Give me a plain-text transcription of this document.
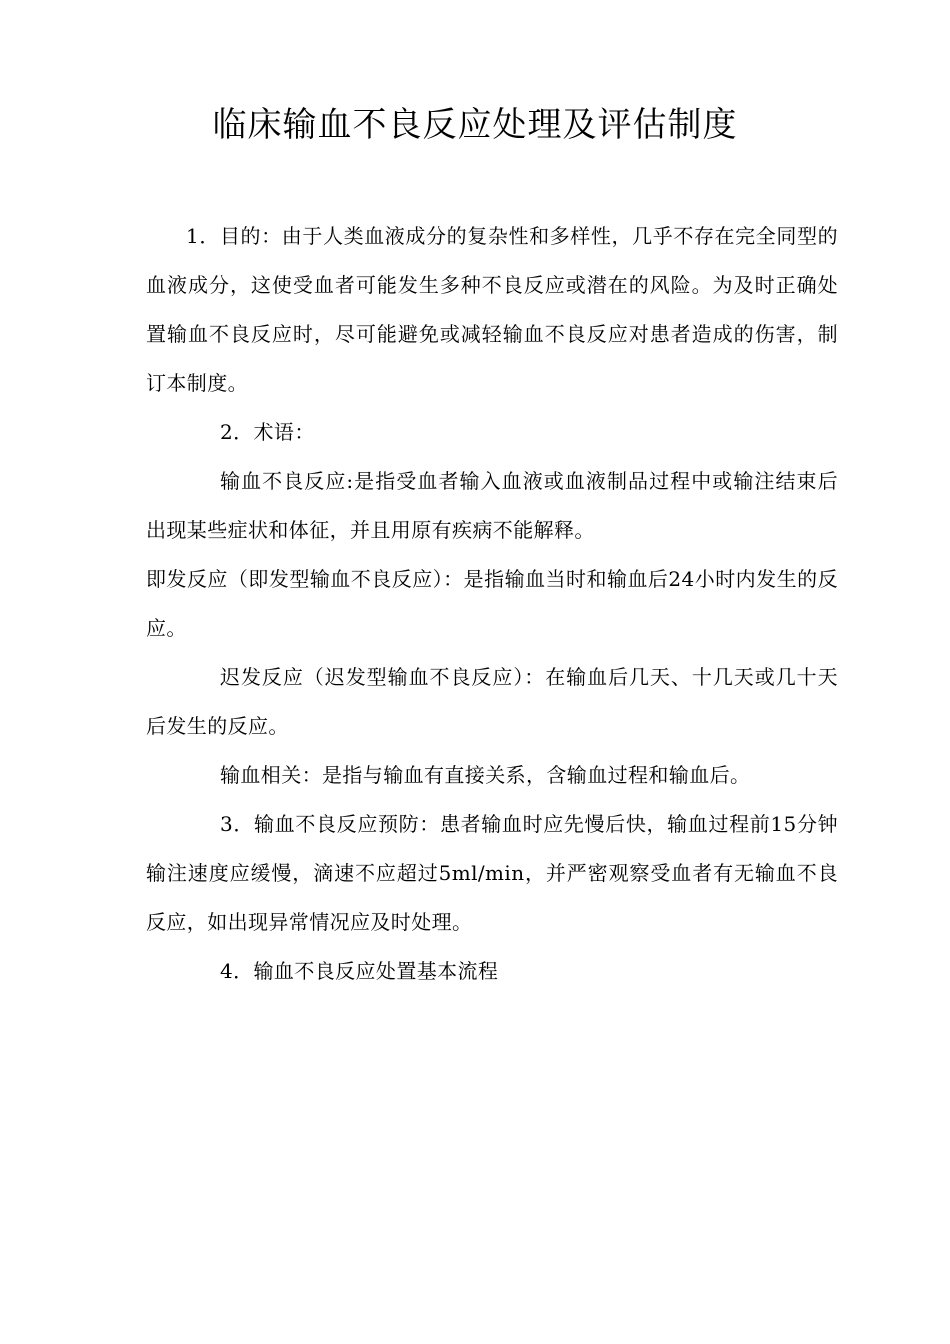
临床输血不良反应处理及评估制度

1．目的：由于人类血液成分的复杂性和多样性，几乎不存在完全同型的血液成分，这使受血者可能发生多种不良反应或潜在的风险。为及时正确处置输血不良反应时，尽可能避免或减轻输血不良反应对患者造成的伤害，制订本制度。

2．术语：

输血不良反应:是指受血者输入血液或血液制品过程中或输注结束后出现某些症状和体征，并且用原有疾病不能解释。

即发反应（即发型输血不良反应）：是指输血当时和输血后24小时内发生的反应。

迟发反应（迟发型输血不良反应）：在输血后几天、十几天或几十天后发生的反应。

输血相关：是指与输血有直接关系，含输血过程和输血后。

3．输血不良反应预防：患者输血时应先慢后快，输血过程前15分钟输注速度应缓慢，滴速不应超过5ml/min，并严密观察受血者有无输血不良反应，如出现异常情况应及时处理。

4．输血不良反应处置基本流程
